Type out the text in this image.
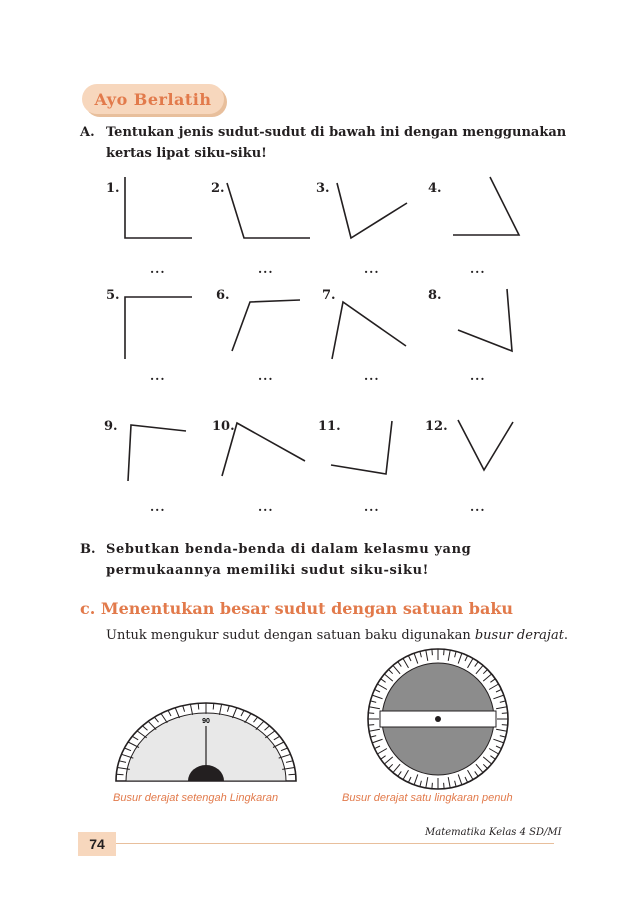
Ayo Berlatih
A. Tentukan jenis sudut-sudut di bawah ini dengan menggunakan kertas lipat siku-siku!
1.	2.	3.	4.
5.	6.	7.	8.
9.	10.	11.	12.
...	...	...	...
...	...	...	...
...	...	...	...
B. Sebutkan benda-benda di dalam kelasmu yang permukaannya memiliki sudut siku-siku!
c. Menentukan besar sudut dengan satuan baku
Untuk mengukur sudut dengan satuan baku digunakan busur derajat.
90
Busur derajat setengah Lingkaran	Busur derajat satu lingkaran penuh
Matematika Kelas 4 SD/MI
74
